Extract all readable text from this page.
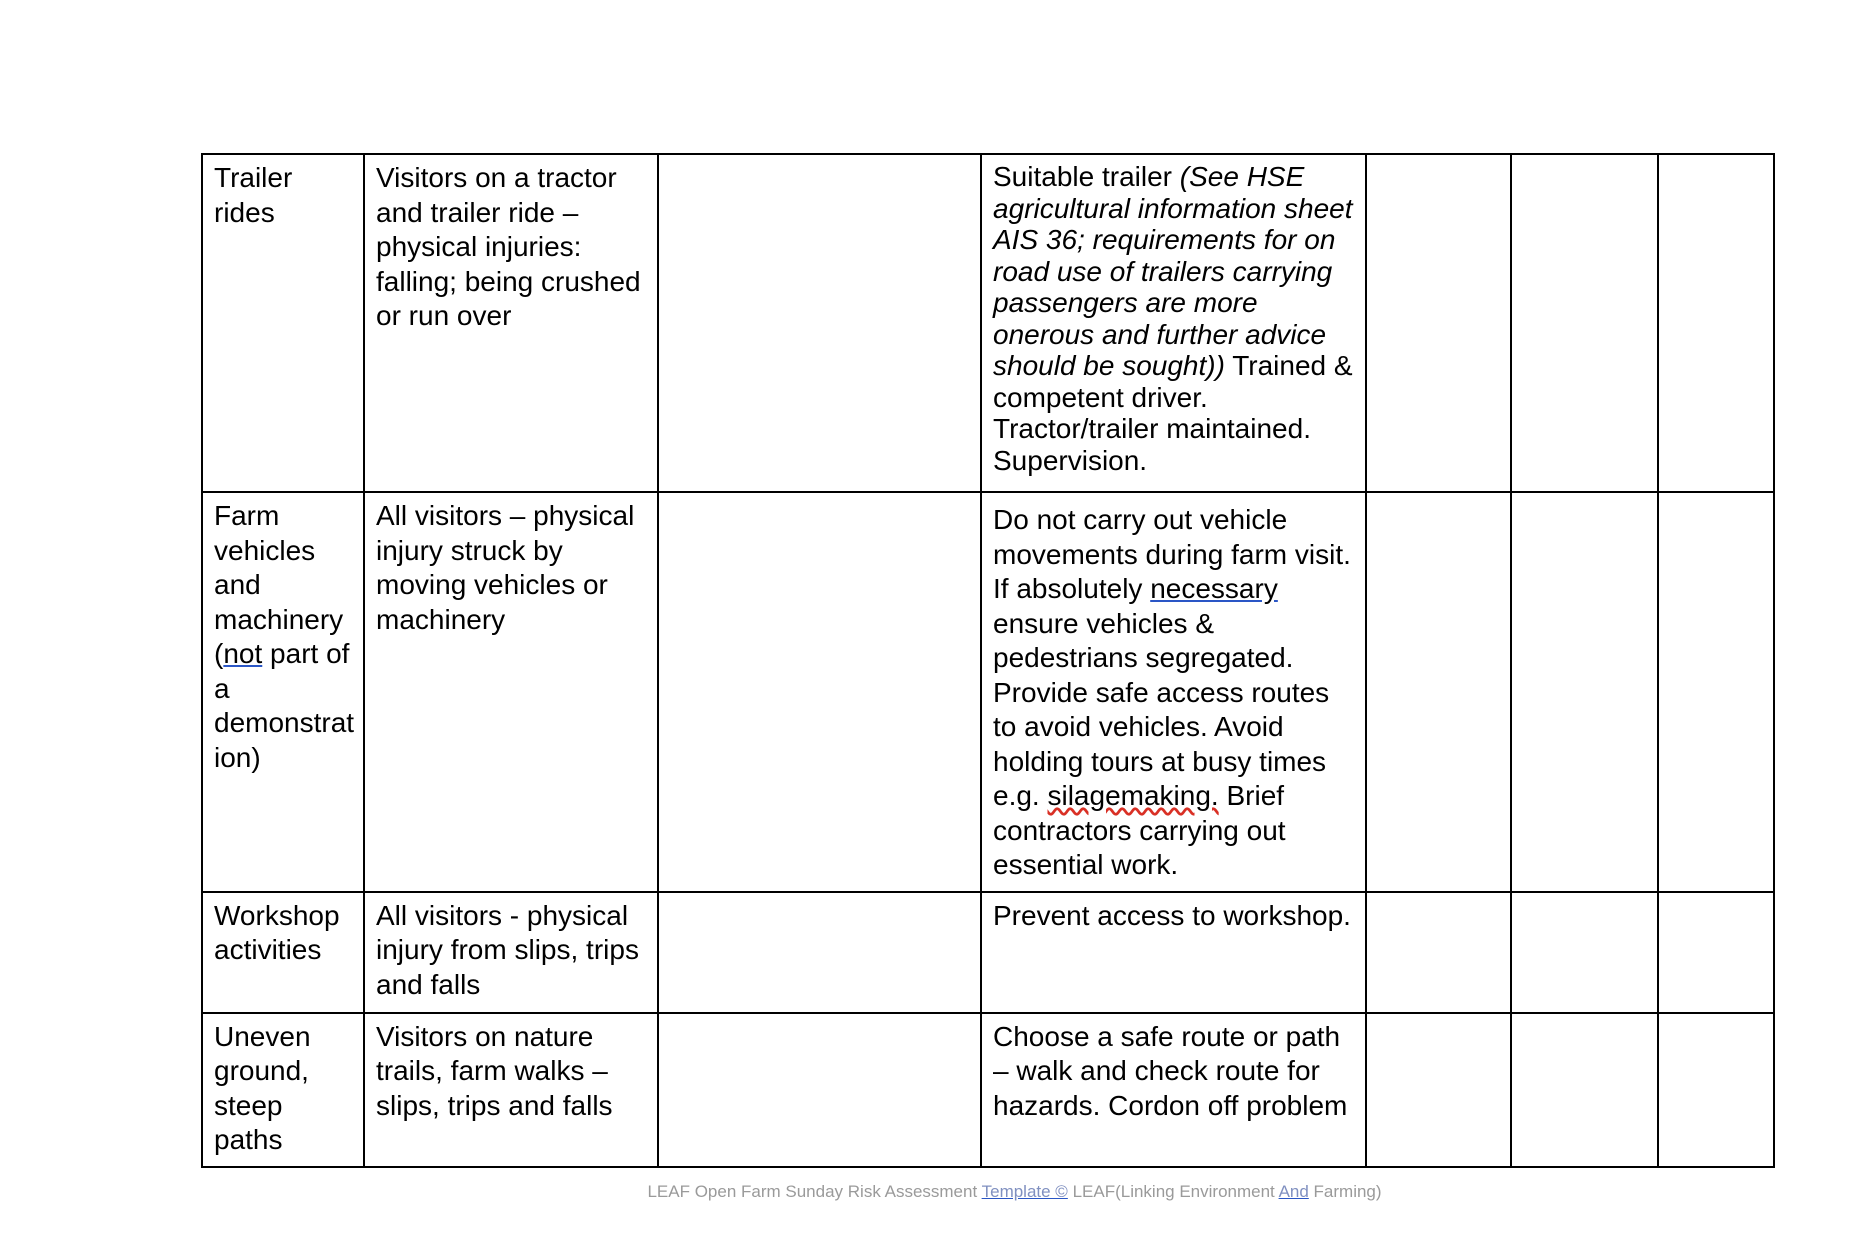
Trailer rides	Visitors on a tractor and trailer ride – physical injuries: falling; being crushed or run over		Suitable trailer (See HSE agricultural information sheet AIS 36; requirements for on road use of trailers carrying passengers are more onerous and further advice should be sought)) Trained & competent driver. Tractor/trailer maintained. Supervision.			
Farm vehicles and machinery (not part of a demonstrat ion)	All visitors – physical injury struck by moving vehicles or machinery		Do not carry out vehicle movements during farm visit. If absolutely necessary ensure vehicles & pedestrians segregated. Provide safe access routes to avoid vehicles. Avoid holding tours at busy times e.g. silagemaking. Brief contractors carrying out essential work.			
Workshop activities	All visitors - physical injury from slips, trips and falls		Prevent access to workshop.			
Uneven ground, steep paths	Visitors on nature trails, farm walks – slips, trips and falls		Choose a safe route or path – walk and check route for hazards. Cordon off problem			
LEAF Open Farm Sunday Risk Assessment Template © LEAF(Linking Environment And Farming)
